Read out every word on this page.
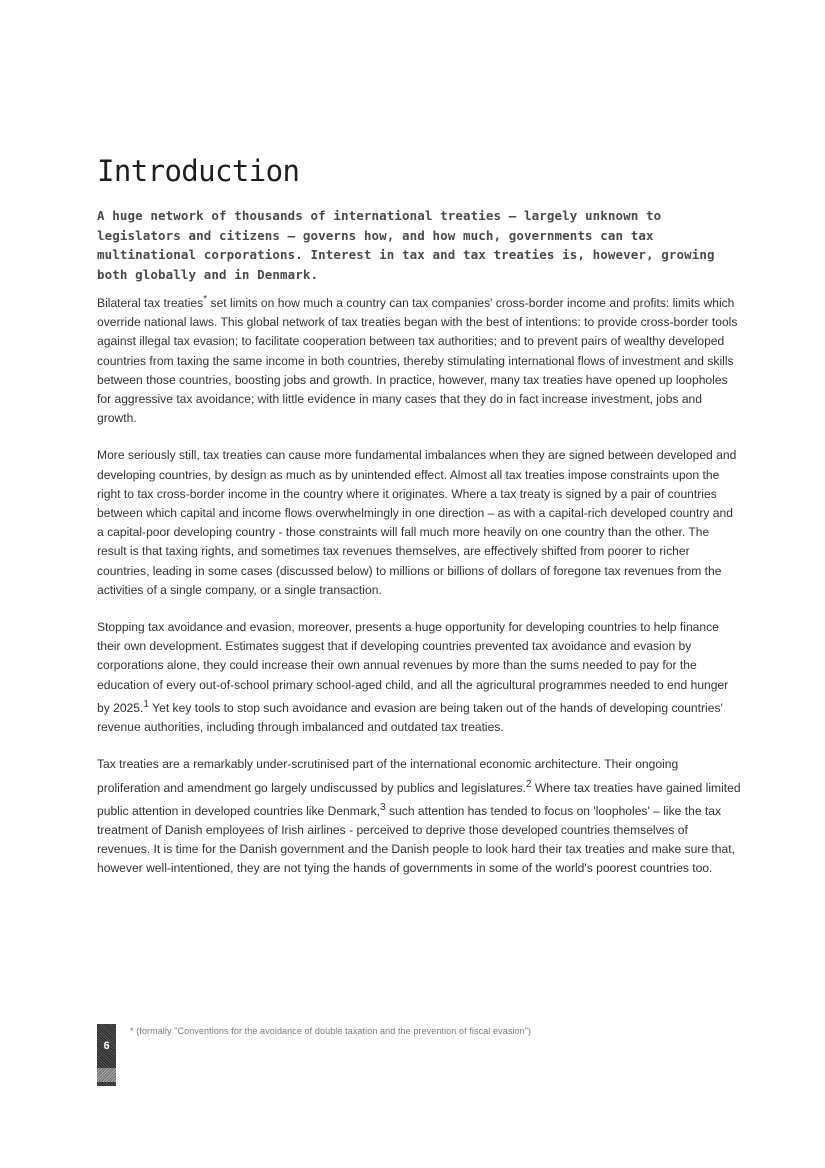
Introduction

A huge network of thousands of international treaties – largely unknown to legislators and citizens – governs how, and how much, governments can tax multinational corporations. Interest in tax and tax treaties is, however, growing both globally and in Denmark.

Bilateral tax treaties* set limits on how much a country can tax companies' cross-border income and profits: limits which override national laws. This global network of tax treaties began with the best of intentions: to provide cross-border tools against illegal tax evasion; to facilitate cooperation between tax authorities; and to prevent pairs of wealthy developed countries from taxing the same income in both countries, thereby stimulating international flows of investment and skills between those countries, boosting jobs and growth. In practice, however, many tax treaties have opened up loopholes for aggressive tax avoidance; with little evidence in many cases that they do in fact increase investment, jobs and growth.

More seriously still, tax treaties can cause more fundamental imbalances when they are signed between developed and developing countries, by design as much as by unintended effect. Almost all tax treaties impose constraints upon the right to tax cross-border income in the country where it originates. Where a tax treaty is signed by a pair of countries between which capital and income flows overwhelmingly in one direction – as with a capital-rich developed country and a capital-poor developing country - those constraints will fall much more heavily on one country than the other. The result is that taxing rights, and sometimes tax revenues themselves, are effectively shifted from poorer to richer countries, leading in some cases (discussed below) to millions or billions of dollars of foregone tax revenues from the activities of a single company, or a single transaction.

Stopping tax avoidance and evasion, moreover, presents a huge opportunity for developing countries to help finance their own development. Estimates suggest that if developing countries prevented tax avoidance and evasion by corporations alone, they could increase their own annual revenues by more than the sums needed to pay for the education of every out-of-school primary school-aged child, and all the agricultural programmes needed to end hunger by 2025.$^1$ Yet key tools to stop such avoidance and evasion are being taken out of the hands of developing countries' revenue authorities, including through imbalanced and outdated tax treaties.

Tax treaties are a remarkably under-scrutinised part of the international economic architecture. Their ongoing proliferation and amendment go largely undiscussed by publics and legislatures.$^2$ Where tax treaties have gained limited public attention in developed countries like Denmark,$^3$ such attention has tended to focus on 'loopholes' – like the tax treatment of Danish employees of Irish airlines - perceived to deprive those developed countries themselves of revenues. It is time for the Danish government and the Danish people to look hard their tax treaties and make sure that, however well-intentioned, they are not tying the hands of governments in some of the world's poorest countries too.

6

* (formally "Conventions for the avoidance of double taxation and the prevention of fiscal evasion")
